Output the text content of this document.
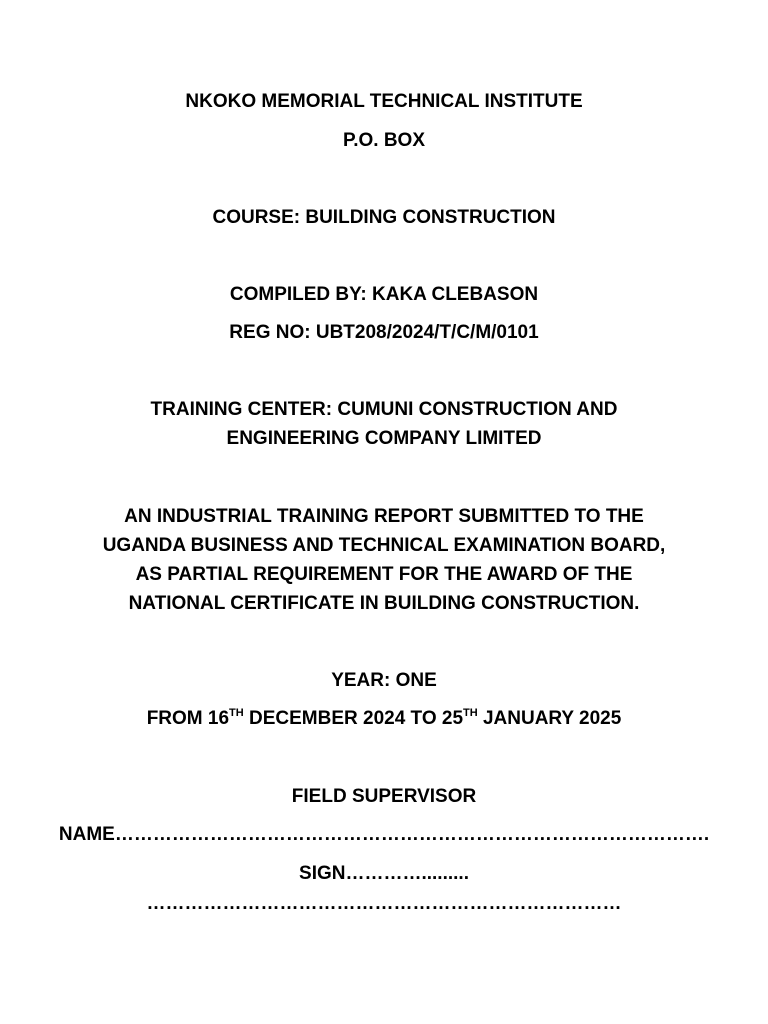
NKOKO MEMORIAL TECHNICAL INSTITUTE

P.O. BOX

COURSE: BUILDING CONSTRUCTION

COMPILED BY: KAKA CLEBASON

REG NO: UBT208/2024/T/C/M/0101

TRAINING CENTER: CUMUNI CONSTRUCTION AND
ENGINEERING COMPANY LIMITED
AN INDUSTRIAL TRAINING REPORT SUBMITTED TO THE
UGANDA BUSINESS AND TECHNICAL EXAMINATION BOARD,
AS PARTIAL REQUIREMENT FOR THE AWARD OF THE
NATIONAL CERTIFICATE IN BUILDING CONSTRUCTION.

YEAR: ONE

FROM 16TH DECEMBER 2024 TO 25TH JANUARY 2025

FIELD SUPERVISOR

NAME………………………………………………………………………………….

SIGN………….........

…………………………………………………………………
